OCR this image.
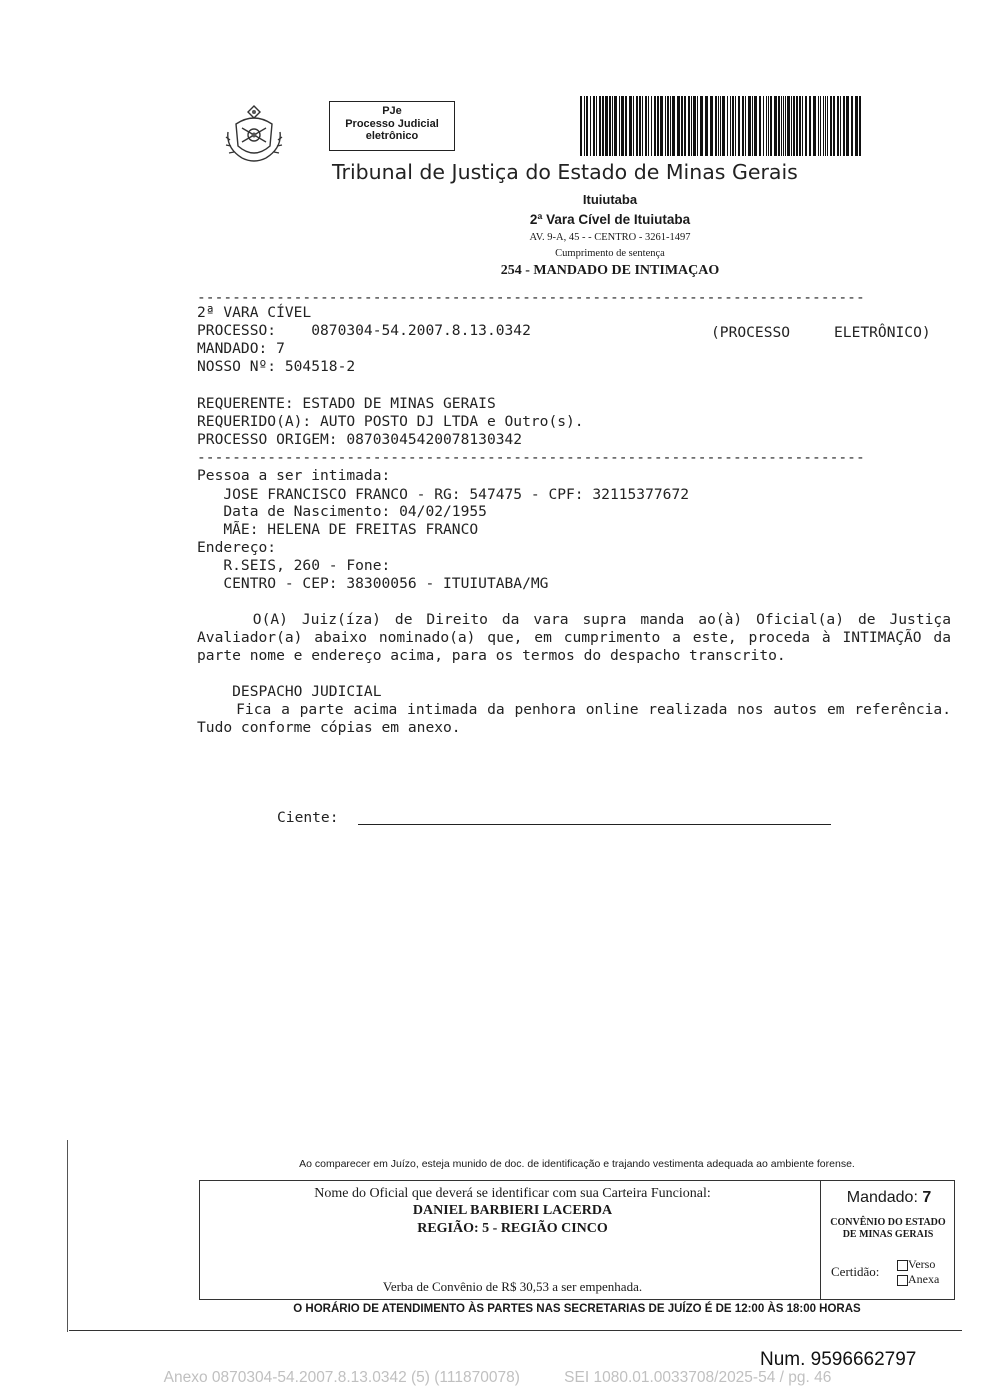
PJe
Processo Judicial
eletrônico
Tribunal de Justiça do Estado de Minas Gerais
Ituiutaba
2ª Vara Cível de Ituiutaba
AV. 9-A, 45 - - CENTRO - 3261-1497
Cumprimento de sentença
254 - MANDADO DE INTIMAÇAO
----------------------------------------------------------------------------
2ª VARA CÍVEL
PROCESSO:    0870304-54.2007.8.13.0342	(PROCESSO     ELETRÔNICO)
MANDADO: 7
NOSSO Nº: 504518-2
REQUERENTE: ESTADO DE MINAS GERAIS
REQUERIDO(A): AUTO POSTO DJ LTDA e Outro(s).
PROCESSO ORIGEM: 08703045420078130342
----------------------------------------------------------------------------
Pessoa a ser intimada:
JOSE FRANCISCO FRANCO - RG: 547475 - CPF: 32115377672
Data de Nascimento: 04/02/1955
MÃE: HELENA DE FREITAS FRANCO
Endereço:
R.SEIS, 260 - Fone:
CENTRO - CEP: 38300056 - ITUIUTABA/MG
O(A) Juiz(íza) de Direito da vara supra manda ao(à) Oficial(a) de Justiça Avaliador(a) abaixo nominado(a) que, em cumprimento a este, proceda à INTIMAÇÃO da parte nome e endereço acima, para os termos do despacho transcrito.
DESPACHO JUDICIAL
Fica a parte acima intimada da penhora online realizada nos autos em referência. Tudo conforme cópias em anexo.
Ciente:
Ao comparecer em Juízo, esteja munido de doc. de identificação e trajando vestimenta adequada ao ambiente forense.
Nome do Oficial que deverá se identificar com sua Carteira Funcional:
DANIEL BARBIERI LACERDA
REGIÃO: 5 - REGIÃO CINCO
Verba de Convênio de R$ 30,53 a ser empenhada.
Mandado: 7
CONVÊNIO DO ESTADO
DE MINAS GERAIS
Certidão:	Verso
Anexa
O HORÁRIO DE ATENDIMENTO ÀS PARTES NAS SECRETARIAS DE JUÍZO É DE 12:00 ÀS 18:00 HORAS
Num. 9596662797
Anexo 0870304-54.2007.8.13.0342 (5) (111870078)	SEI 1080.01.0033708/2025-54 / pg. 46
